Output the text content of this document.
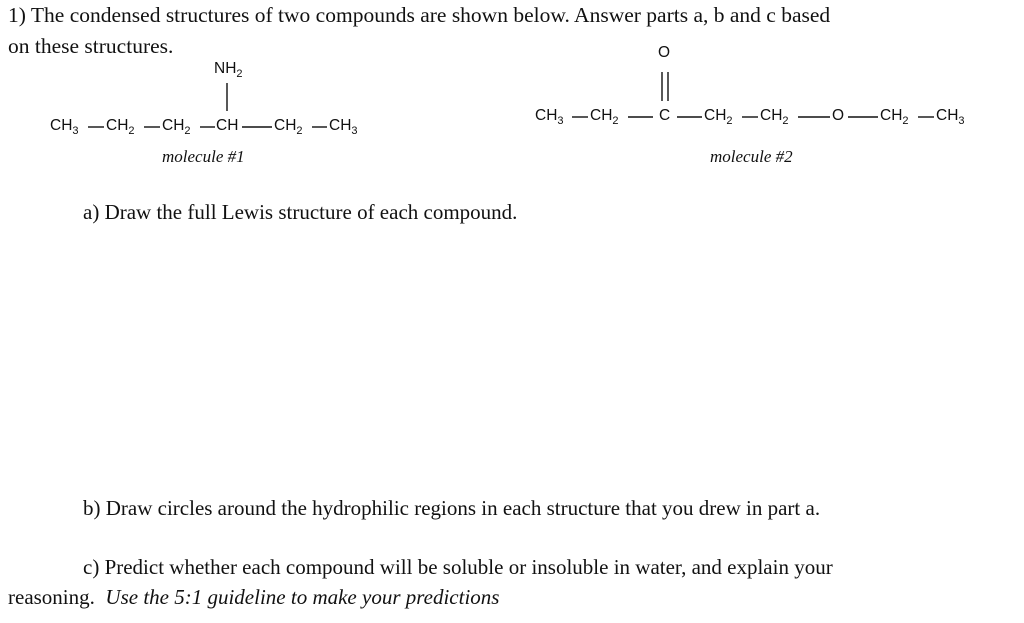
1) The condensed structures of two compounds are shown below. Answer parts a, b and c based
on these structures.
$NH_2$
$CH_3$ $CH_2$ $CH_2$ CH $CH_2$ $CH_3$
molecule #1
O
$CH_3$ $CH_2$	C $CH_2$ $CH_2$	O $CH_2$ $CH_3$
molecule #2
a) Draw the full Lewis structure of each compound.
b) Draw circles around the hydrophilic regions in each structure that you drew in part a.
c) Predict whether each compound will be soluble or insoluble in water, and explain your
reasoning. Use the 5:1 guideline to make your predictions
